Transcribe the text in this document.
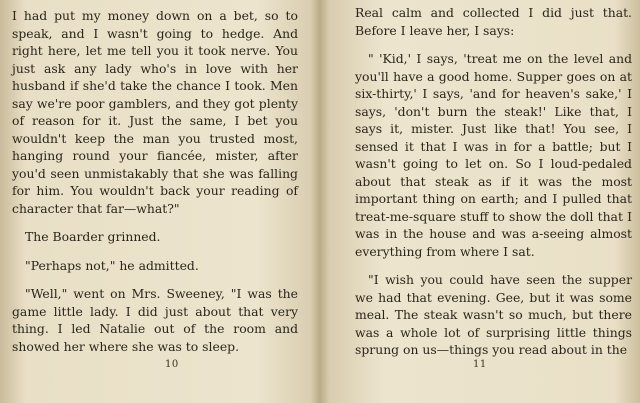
I had put my money down on a bet, so to speak, and I wasn't going to hedge. And right here, let me tell you it took nerve. You just ask any lady who's in love with her husband if she'd take the chance I took. Men say we're poor gamblers, and they got plenty of reason for it. Just the same, I bet you wouldn't keep the man you trusted most, hanging round your fiancée, mister, after you'd seen unmistakably that she was falling for him. You wouldn't back your reading of character that far—what?"

The Boarder grinned.

"Perhaps not," he admitted.

"Well," went on Mrs. Sweeney, "I was the game little lady. I did just about that very thing. I led Natalie out of the room and showed her where she was to sleep.

10

Real calm and collected I did just that. Before I leave her, I says:

" 'Kid,' I says, 'treat me on the level and you'll have a good home. Supper goes on at six-thirty,' I says, 'and for heaven's sake,' I says, 'don't burn the steak!' Like that, I says it, mister. Just like that! You see, I sensed it that I was in for a battle; but I wasn't going to let on. So I loud-pedaled about that steak as if it was the most important thing on earth; and I pulled that treat-me-square stuff to show the doll that I was in the house and was a-seeing almost everything from where I sat.

"I wish you could have seen the supper we had that evening. Gee, but it was some meal. The steak wasn't so much, but there was a whole lot of surprising little things sprung on us—things you read about in the

11
